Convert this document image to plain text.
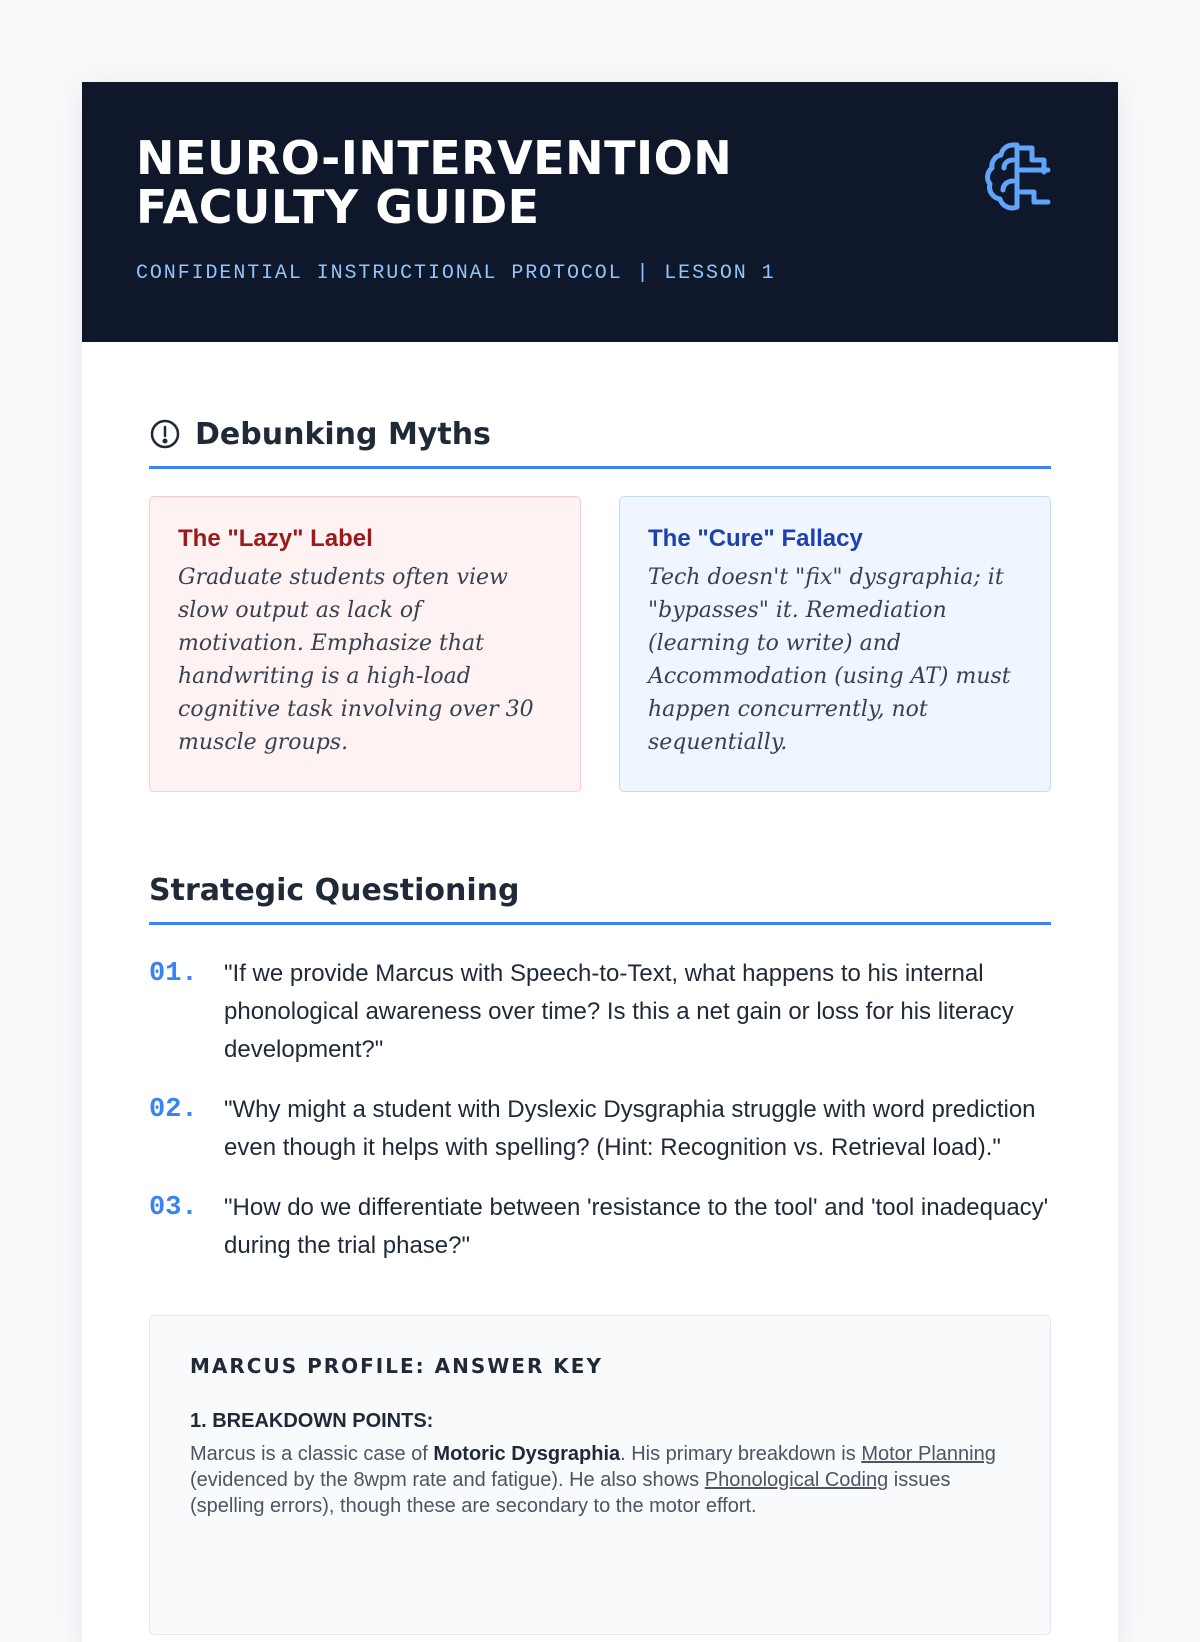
NEURO-INTERVENTION
FACULTY GUIDE
CONFIDENTIAL INSTRUCTIONAL PROTOCOL | LESSON 1
Debunking Myths
The "Lazy" Label

Graduate students often view slow output as lack of motivation. Emphasize that handwriting is a high-load cognitive task involving over 30 muscle groups.

The "Cure" Fallacy

Tech doesn't "fix" dysgraphia; it "bypasses" it. Remediation (learning to write) and Accommodation (using AT) must happen concurrently, not sequentially.

Strategic Questioning
01.	"If we provide Marcus with Speech-to-Text, what happens to his internal phonological awareness over time? Is this a net gain or loss for his literacy development?"
02.	"Why might a student with Dyslexic Dysgraphia struggle with word prediction even though it helps with spelling? (Hint: Recognition vs. Retrieval load)."
03.	"How do we differentiate between 'resistance to the tool' and 'tool inadequacy' during the trial phase?"
MARCUS PROFILE: ANSWER KEY
1. BREAKDOWN POINTS:

Marcus is a classic case of Motoric Dysgraphia. His primary breakdown is Motor Planning (evidenced by the 8wpm rate and fatigue). He also shows Phonological Coding issues (spelling errors), though these are secondary to the motor effort.
